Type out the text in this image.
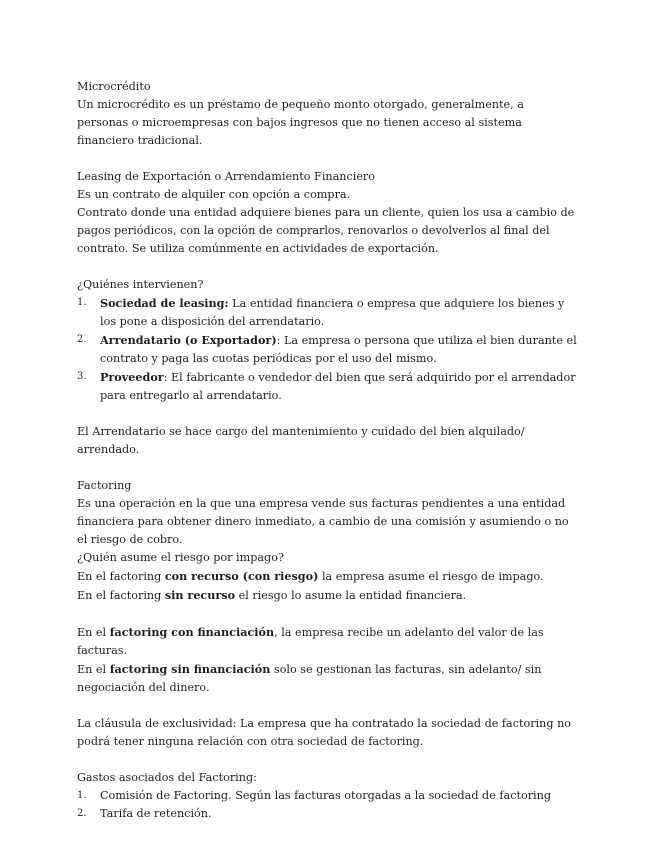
Microcrédito

Un microcrédito es un préstamo de pequeño monto otorgado, generalmente, a personas o microempresas con bajos ingresos que no tienen acceso al sistema financiero tradicional.

Leasing de Exportación o Arrendamiento Financiero

Es un contrato de alquiler con opción a compra.

Contrato donde una entidad adquiere bienes para un cliente, quien los usa a cambio de pagos periódicos, con la opción de comprarlos, renovarlos o devolverlos al final del contrato. Se utiliza comúnmente en actividades de exportación.

¿Quiénes intervienen?

1. Sociedad de leasing: La entidad financiera o empresa que adquiere los bienes y los pone a disposición del arrendatario.
2. Arrendatario (o Exportador): La empresa o persona que utiliza el bien durante el contrato y paga las cuotas periódicas por el uso del mismo.
3. Proveedor: El fabricante o vendedor del bien que será adquirido por el arrendador para entregarlo al arrendatario.

El Arrendatario se hace cargo del mantenimiento y cuidado del bien alquilado/ arrendado.

Factoring

Es una operación en la que una empresa vende sus facturas pendientes a una entidad financiera para obtener dinero inmediato, a cambio de una comisión y asumiendo o no el riesgo de cobro.

¿Quién asume el riesgo por impago?

En el factoring con recurso (con riesgo) la empresa asume el riesgo de impago.

En el factoring sin recurso el riesgo lo asume la entidad financiera.

En el factoring con financiación, la empresa recibe un adelanto del valor de las facturas.

En el factoring sin financiación solo se gestionan las facturas, sin adelanto/ sin negociación del dinero.

La cláusula de exclusividad: La empresa que ha contratado la sociedad de factoring no podrá tener ninguna relación con otra sociedad de factoring.

Gastos asociados del Factoring:

1. Comisión de Factoring. Según las facturas otorgadas a la sociedad de factoring
2. Tarifa de retención.
